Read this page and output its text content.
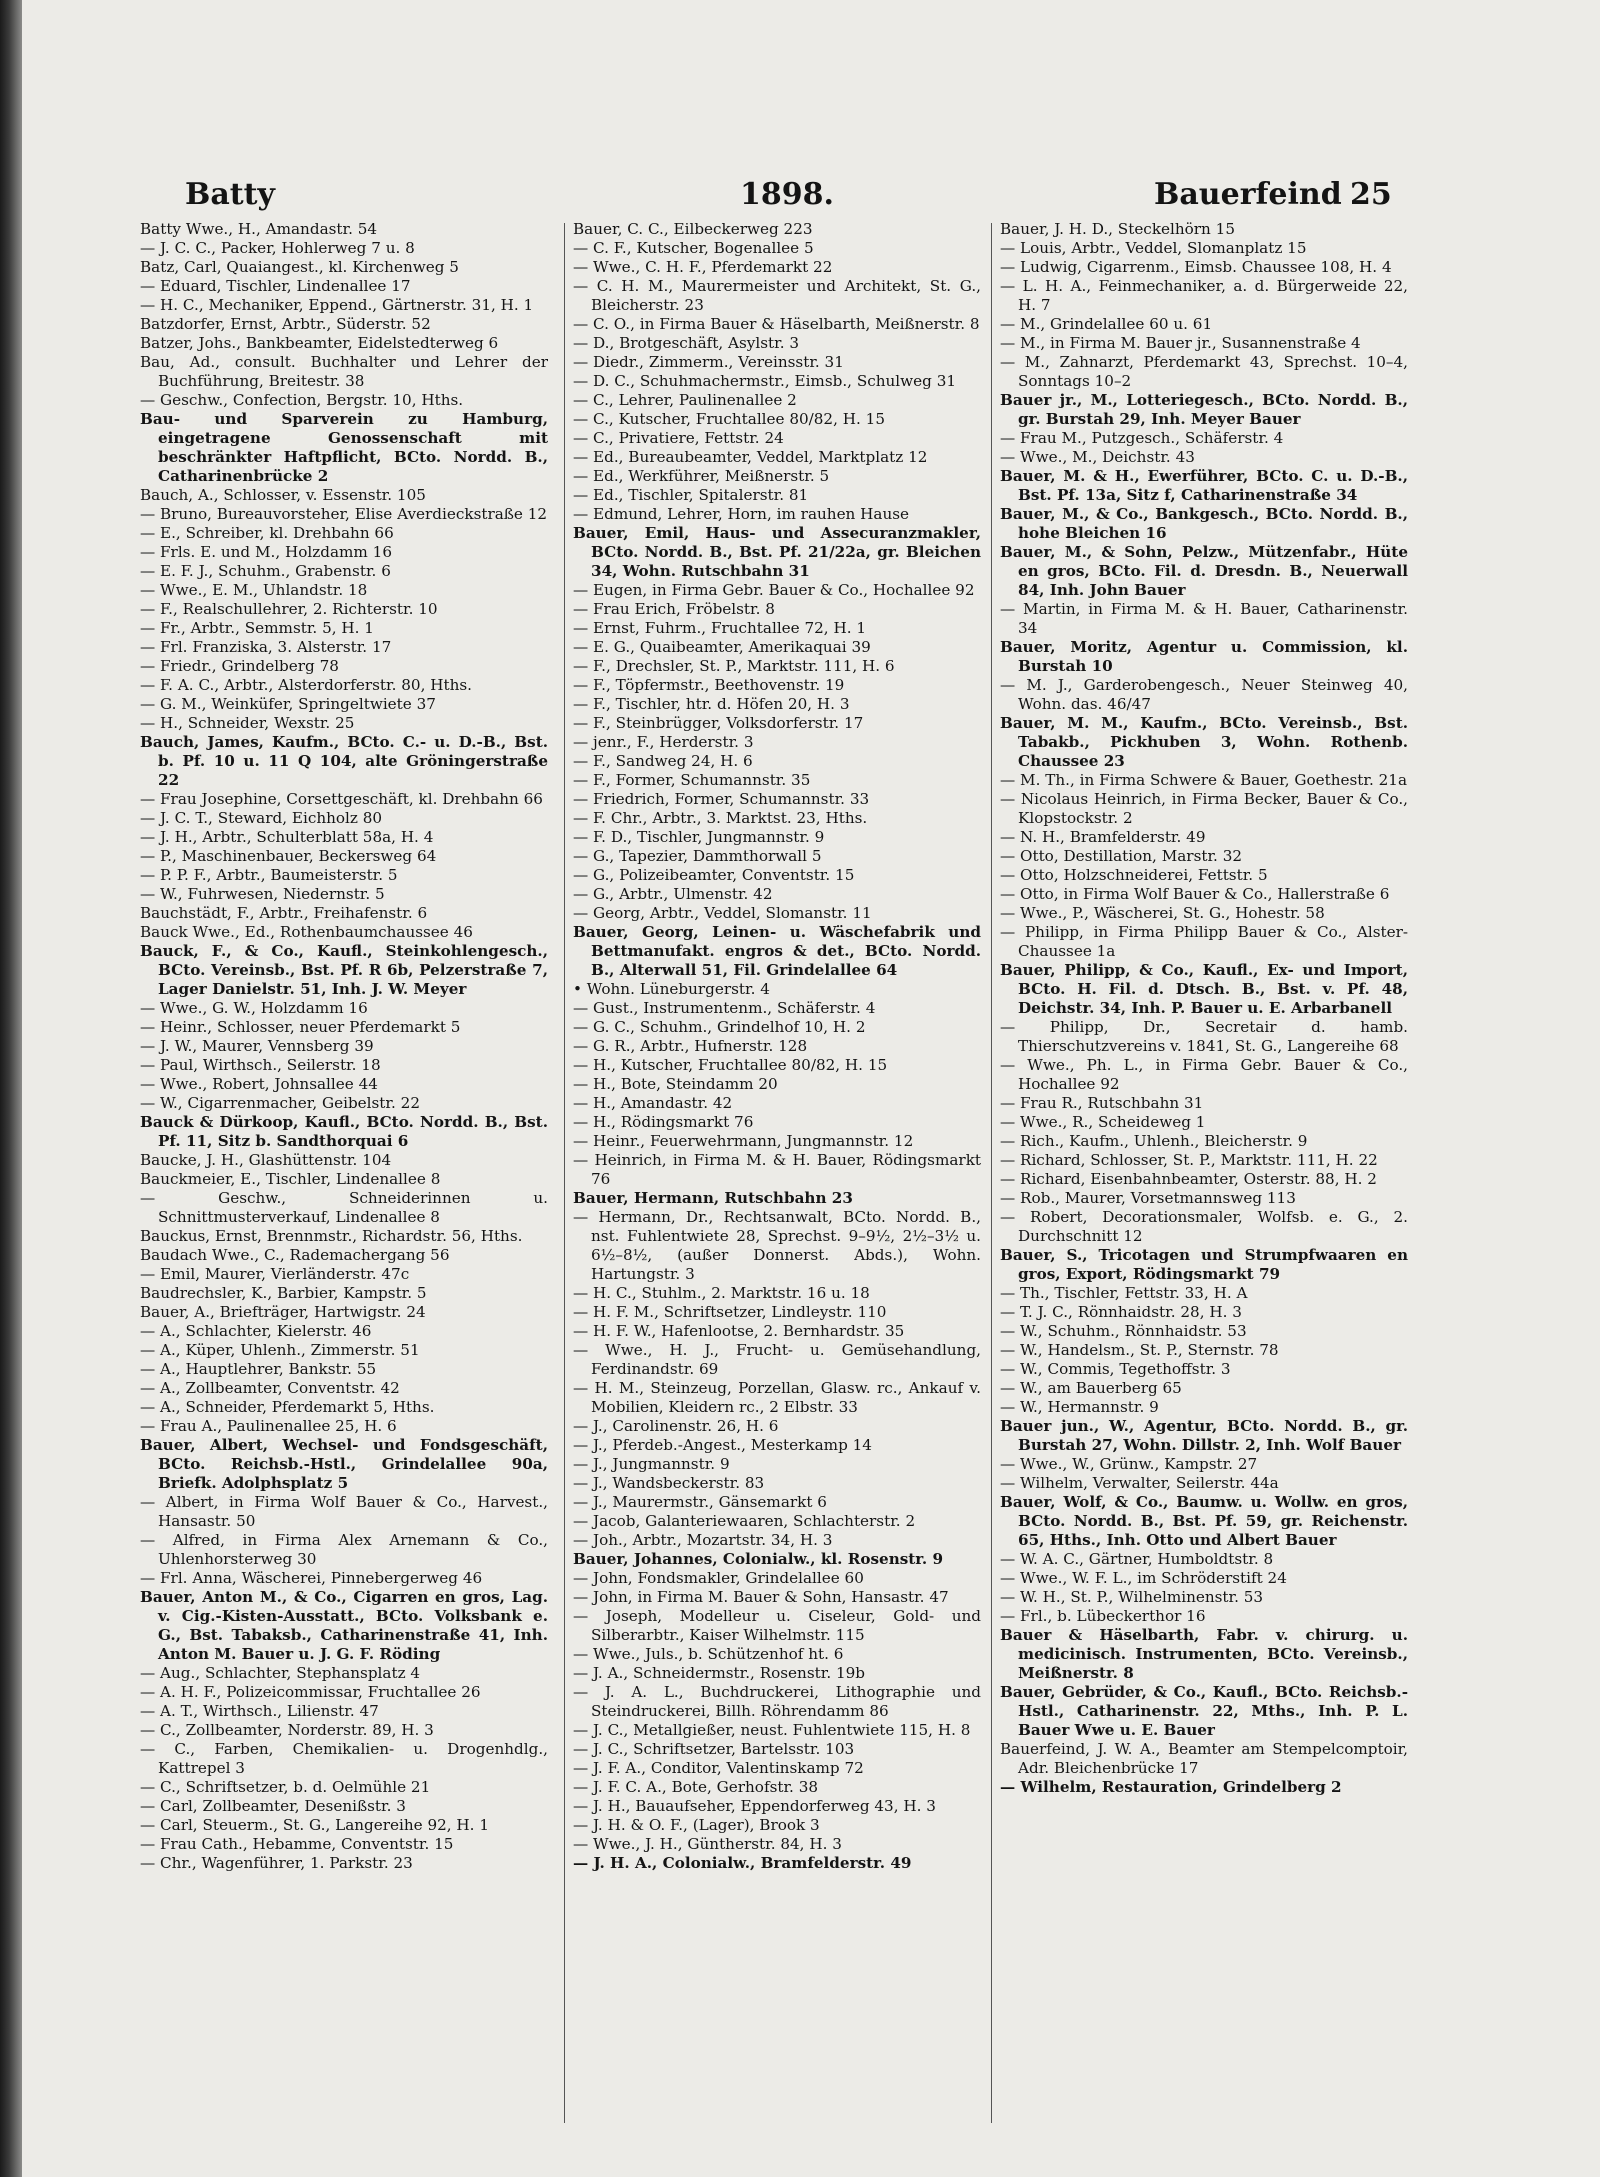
Batty	1898.	Bauerfeind 25

Batty Wwe., H., Amandastr. 54

— J. C. C., Packer, Hohlerweg 7 u. 8

Batz, Carl, Quaiangest., kl. Kirchenweg 5

— Eduard, Tischler, Lindenallee 17

— H. C., Mechaniker, Eppend., Gärtnerstr. 31, H. 1

Batzdorfer, Ernst, Arbtr., Süderstr. 52

Batzer, Johs., Bankbeamter, Eidelstedterweg 6

Bau, Ad., consult. Buchhalter und Lehrer der Buchführung, Breitestr. 38

— Geschw., Confection, Bergstr. 10, Hths.

Bau- und Sparverein zu Hamburg, eingetragene Genossenschaft mit beschränkter Haftpflicht, BCto. Nordd. B., Catharinenbrücke 2

Bauch, A., Schlosser, v. Essenstr. 105

— Bruno, Bureauvorsteher, Elise Averdieckstraße 12

— E., Schreiber, kl. Drehbahn 66

— Frls. E. und M., Holzdamm 16

— E. F. J., Schuhm., Grabenstr. 6

— Wwe., E. M., Uhlandstr. 18

— F., Realschullehrer, 2. Richterstr. 10

— Fr., Arbtr., Semmstr. 5, H. 1

— Frl. Franziska, 3. Alsterstr. 17

— Friedr., Grindelberg 78

— F. A. C., Arbtr., Alsterdorferstr. 80, Hths.

— G. M., Weinküfer, Springeltwiete 37

— H., Schneider, Wexstr. 25

Bauch, James, Kaufm., BCto. C.- u. D.-B., Bst. b. Pf. 10 u. 11 Q 104, alte Gröningerstraße 22

— Frau Josephine, Corsettgeschäft, kl. Drehbahn 66

— J. C. T., Steward, Eichholz 80

— J. H., Arbtr., Schulterblatt 58a, H. 4

— P., Maschinenbauer, Beckersweg 64

— P. P. F., Arbtr., Baumeisterstr. 5

— W., Fuhrwesen, Niedernstr. 5

Bauchstädt, F., Arbtr., Freihafenstr. 6

Bauck Wwe., Ed., Rothenbaumchaussee 46

Bauck, F., & Co., Kaufl., Steinkohlengesch., BCto. Vereinsb., Bst. Pf. R 6b, Pelzerstraße 7, Lager Danielstr. 51, Inh. J. W. Meyer

— Wwe., G. W., Holzdamm 16

— Heinr., Schlosser, neuer Pferdemarkt 5

— J. W., Maurer, Vennsberg 39

— Paul, Wirthsch., Seilerstr. 18

— Wwe., Robert, Johnsallee 44

— W., Cigarrenmacher, Geibelstr. 22

Bauck & Dürkoop, Kaufl., BCto. Nordd. B., Bst. Pf. 11, Sitz b. Sandthorquai 6

Baucke, J. H., Glashüttenstr. 104

Bauckmeier, E., Tischler, Lindenallee 8

— Geschw., Schneiderinnen u. Schnittmusterverkauf, Lindenallee 8

Bauckus, Ernst, Brennmstr., Richardstr. 56, Hths.

Baudach Wwe., C., Rademachergang 56

— Emil, Maurer, Vierländerstr. 47c

Baudrechsler, K., Barbier, Kampstr. 5

Bauer, A., Briefträger, Hartwigstr. 24

— A., Schlachter, Kielerstr. 46

— A., Küper, Uhlenh., Zimmerstr. 51

— A., Hauptlehrer, Bankstr. 55

— A., Zollbeamter, Conventstr. 42

— A., Schneider, Pferdemarkt 5, Hths.

— Frau A., Paulinenallee 25, H. 6

Bauer, Albert, Wechsel- und Fondsgeschäft, BCto. Reichsb.-Hstl., Grindelallee 90a, Briefk. Adolphsplatz 5

— Albert, in Firma Wolf Bauer & Co., Harvest., Hansastr. 50

— Alfred, in Firma Alex Arnemann & Co., Uhlenhorsterweg 30

— Frl. Anna, Wäscherei, Pinnebergerweg 46

Bauer, Anton M., & Co., Cigarren en gros, Lag. v. Cig.-Kisten-Ausstatt., BCto. Volksbank e. G., Bst. Tabaksb., Catharinenstraße 41, Inh. Anton M. Bauer u. J. G. F. Röding

— Aug., Schlachter, Stephansplatz 4

— A. H. F., Polizeicommissar, Fruchtallee 26

— A. T., Wirthsch., Lilienstr. 47

— C., Zollbeamter, Norderstr. 89, H. 3

— C., Farben, Chemikalien- u. Drogenhdlg., Kattrepel 3

— C., Schriftsetzer, b. d. Oelmühle 21

— Carl, Zollbeamter, Desenißstr. 3

— Carl, Steuerm., St. G., Langereihe 92, H. 1

— Frau Cath., Hebamme, Conventstr. 15

— Chr., Wagenführer, 1. Parkstr. 23

Bauer, C. C., Eilbeckerweg 223

— C. F., Kutscher, Bogenallee 5

— Wwe., C. H. F., Pferdemarkt 22

— C. H. M., Maurermeister und Architekt, St. G., Bleicherstr. 23

— C. O., in Firma Bauer & Häselbarth, Meißnerstr. 8

— D., Brotgeschäft, Asylstr. 3

— Diedr., Zimmerm., Vereinsstr. 31

— D. C., Schuhmachermstr., Eimsb., Schulweg 31

— C., Lehrer, Paulinenallee 2

— C., Kutscher, Fruchtallee 80/82, H. 15

— C., Privatiere, Fettstr. 24

— Ed., Bureaubeamter, Veddel, Marktplatz 12

— Ed., Werkführer, Meißnerstr. 5

— Ed., Tischler, Spitalerstr. 81

— Edmund, Lehrer, Horn, im rauhen Hause

Bauer, Emil, Haus- und Assecuranzmakler, BCto. Nordd. B., Bst. Pf. 21/22a, gr. Bleichen 34, Wohn. Rutschbahn 31

— Eugen, in Firma Gebr. Bauer & Co., Hochallee 92

— Frau Erich, Fröbelstr. 8

— Ernst, Fuhrm., Fruchtallee 72, H. 1

— E. G., Quaibeamter, Amerikaquai 39

— F., Drechsler, St. P., Marktstr. 111, H. 6

— F., Töpfermstr., Beethovenstr. 19

— F., Tischler, htr. d. Höfen 20, H. 3

— F., Steinbrügger, Volksdorferstr. 17

— jenr., F., Herderstr. 3

— F., Sandweg 24, H. 6

— F., Former, Schumannstr. 35

— Friedrich, Former, Schumannstr. 33

— F. Chr., Arbtr., 3. Marktst. 23, Hths.

— F. D., Tischler, Jungmannstr. 9

— G., Tapezier, Dammthorwall 5

— G., Polizeibeamter, Conventstr. 15

— G., Arbtr., Ulmenstr. 42

— Georg, Arbtr., Veddel, Slomanstr. 11

Bauer, Georg, Leinen- u. Wäschefabrik und Bettmanufakt. engros & det., BCto. Nordd. B., Alterwall 51, Fil. Grindelallee 64

• Wohn. Lüneburgerstr. 4

— Gust., Instrumentenm., Schäferstr. 4

— G. C., Schuhm., Grindelhof 10, H. 2

— G. R., Arbtr., Hufnerstr. 128

— H., Kutscher, Fruchtallee 80/82, H. 15

— H., Bote, Steindamm 20

— H., Amandastr. 42

— H., Rödingsmarkt 76

— Heinr., Feuerwehrmann, Jungmannstr. 12

— Heinrich, in Firma M. & H. Bauer, Rödingsmarkt 76

Bauer, Hermann, Rutschbahn 23

— Hermann, Dr., Rechtsanwalt, BCto. Nordd. B., nst. Fuhlentwiete 28, Sprechst. 9–9½, 2½–3½ u. 6½–8½, (außer Donnerst. Abds.), Wohn. Hartungstr. 3

— H. C., Stuhlm., 2. Marktstr. 16 u. 18

— H. F. M., Schriftsetzer, Lindleystr. 110

— H. F. W., Hafenlootse, 2. Bernhardstr. 35

— Wwe., H. J., Frucht- u. Gemüsehandlung, Ferdinandstr. 69

— H. M., Steinzeug, Porzellan, Glasw. rc., Ankauf v. Mobilien, Kleidern rc., 2 Elbstr. 33

— J., Carolinenstr. 26, H. 6

— J., Pferdeb.-Angest., Mesterkamp 14

— J., Jungmannstr. 9

— J., Wandsbeckerstr. 83

— J., Maurermstr., Gänsemarkt 6

— Jacob, Galanteriewaaren, Schlachterstr. 2

— Joh., Arbtr., Mozartstr. 34, H. 3

Bauer, Johannes, Colonialw., kl. Rosenstr. 9

— John, Fondsmakler, Grindelallee 60

— John, in Firma M. Bauer & Sohn, Hansastr. 47

— Joseph, Modelleur u. Ciseleur, Gold- und Silberarbtr., Kaiser Wilhelmstr. 115

— Wwe., Juls., b. Schützenhof ht. 6

— J. A., Schneidermstr., Rosenstr. 19b

— J. A. L., Buchdruckerei, Lithographie und Steindruckerei, Billh. Röhrendamm 86

— J. C., Metallgießer, neust. Fuhlentwiete 115, H. 8

— J. C., Schriftsetzer, Bartelsstr. 103

— J. F. A., Conditor, Valentinskamp 72

— J. F. C. A., Bote, Gerhofstr. 38

— J. H., Bauaufseher, Eppendorferweg 43, H. 3

— J. H. & O. F., (Lager), Brook 3

— Wwe., J. H., Güntherstr. 84, H. 3

— J. H. A., Colonialw., Bramfelderstr. 49

Bauer, J. H. D., Steckelhörn 15

— Louis, Arbtr., Veddel, Slomanplatz 15

— Ludwig, Cigarrenm., Eimsb. Chaussee 108, H. 4

— L. H. A., Feinmechaniker, a. d. Bürgerweide 22, H. 7

— M., Grindelallee 60 u. 61

— M., in Firma M. Bauer jr., Susannenstraße 4

— M., Zahnarzt, Pferdemarkt 43, Sprechst. 10–4, Sonntags 10–2

Bauer jr., M., Lotteriegesch., BCto. Nordd. B., gr. Burstah 29, Inh. Meyer Bauer

— Frau M., Putzgesch., Schäferstr. 4

— Wwe., M., Deichstr. 43

Bauer, M. & H., Ewerführer, BCto. C. u. D.-B., Bst. Pf. 13a, Sitz f, Catharinenstraße 34

Bauer, M., & Co., Bankgesch., BCto. Nordd. B., hohe Bleichen 16

Bauer, M., & Sohn, Pelzw., Mützenfabr., Hüte en gros, BCto. Fil. d. Dresdn. B., Neuerwall 84, Inh. John Bauer

— Martin, in Firma M. & H. Bauer, Catharinenstr. 34

Bauer, Moritz, Agentur u. Commission, kl. Burstah 10

— M. J., Garderobengesch., Neuer Steinweg 40, Wohn. das. 46/47

Bauer, M. M., Kaufm., BCto. Vereinsb., Bst. Tabakb., Pickhuben 3, Wohn. Rothenb. Chaussee 23

— M. Th., in Firma Schwere & Bauer, Goethestr. 21a

— Nicolaus Heinrich, in Firma Becker, Bauer & Co., Klopstockstr. 2

— N. H., Bramfelderstr. 49

— Otto, Destillation, Marstr. 32

— Otto, Holzschneiderei, Fettstr. 5

— Otto, in Firma Wolf Bauer & Co., Hallerstraße 6

— Wwe., P., Wäscherei, St. G., Hohestr. 58

— Philipp, in Firma Philipp Bauer & Co., Alster-Chaussee 1a

Bauer, Philipp, & Co., Kaufl., Ex- und Import, BCto. H. Fil. d. Dtsch. B., Bst. v. Pf. 48, Deichstr. 34, Inh. P. Bauer u. E. Arbarbanell

— Philipp, Dr., Secretair d. hamb. Thierschutzvereins v. 1841, St. G., Langereihe 68

— Wwe., Ph. L., in Firma Gebr. Bauer & Co., Hochallee 92

— Frau R., Rutschbahn 31

— Wwe., R., Scheideweg 1

— Rich., Kaufm., Uhlenh., Bleicherstr. 9

— Richard, Schlosser, St. P., Marktstr. 111, H. 22

— Richard, Eisenbahnbeamter, Osterstr. 88, H. 2

— Rob., Maurer, Vorsetmannsweg 113

— Robert, Decorationsmaler, Wolfsb. e. G., 2. Durchschnitt 12

Bauer, S., Tricotagen und Strumpfwaaren en gros, Export, Rödingsmarkt 79

— Th., Tischler, Fettstr. 33, H. A

— T. J. C., Rönnhaidstr. 28, H. 3

— W., Schuhm., Rönnhaidstr. 53

— W., Handelsm., St. P., Sternstr. 78

— W., Commis, Tegethoffstr. 3

— W., am Bauerberg 65

— W., Hermannstr. 9

Bauer jun., W., Agentur, BCto. Nordd. B., gr. Burstah 27, Wohn. Dillstr. 2, Inh. Wolf Bauer

— Wwe., W., Grünw., Kampstr. 27

— Wilhelm, Verwalter, Seilerstr. 44a

Bauer, Wolf, & Co., Baumw. u. Wollw. en gros, BCto. Nordd. B., Bst. Pf. 59, gr. Reichenstr. 65, Hths., Inh. Otto und Albert Bauer

— W. A. C., Gärtner, Humboldtstr. 8

— Wwe., W. F. L., im Schröderstift 24

— W. H., St. P., Wilhelminenstr. 53

— Frl., b. Lübeckerthor 16

Bauer & Häselbarth, Fabr. v. chirurg. u. medicinisch. Instrumenten, BCto. Vereinsb., Meißnerstr. 8

Bauer, Gebrüder, & Co., Kaufl., BCto. Reichsb.-Hstl., Catharinenstr. 22, Mths., Inh. P. L. Bauer Wwe u. E. Bauer

Bauerfeind, J. W. A., Beamter am Stempelcomptoir, Adr. Bleichenbrücke 17

— Wilhelm, Restauration, Grindelberg 2
